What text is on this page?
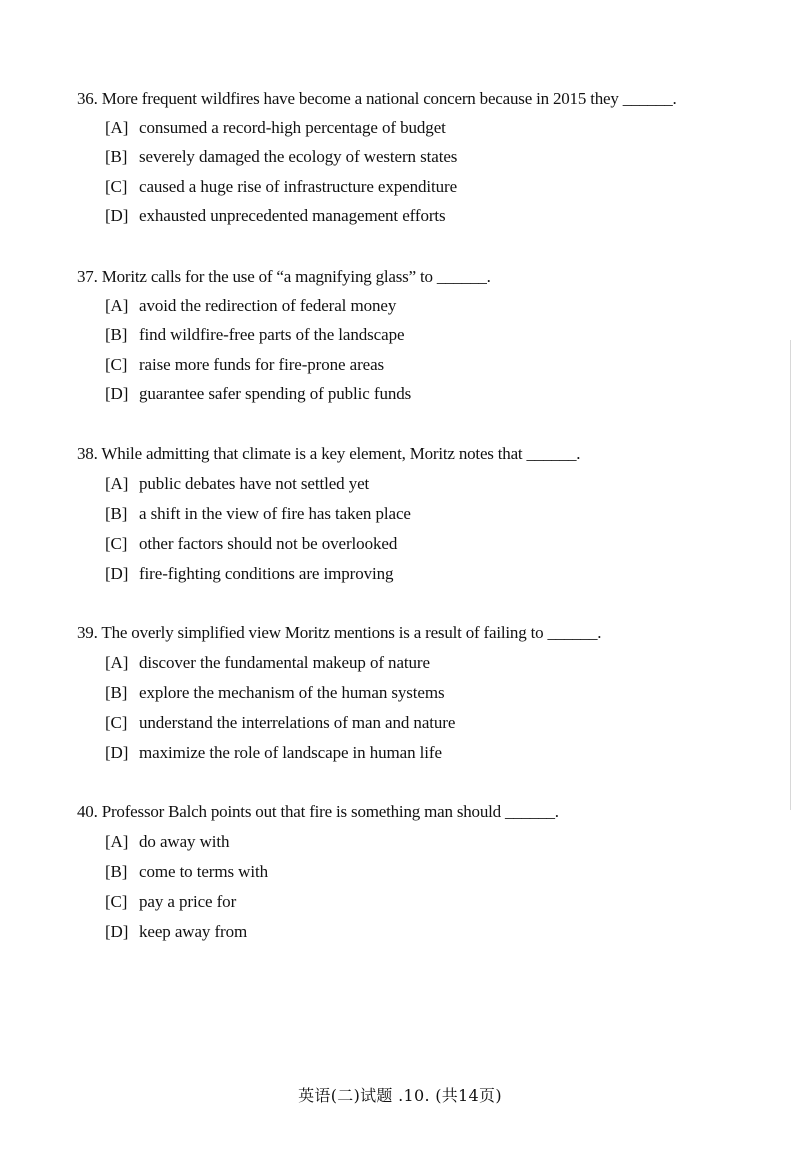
36. More frequent wildfires have become a national concern because in 2015 they ______.
[A] consumed a record-high percentage of budget
[B] severely damaged the ecology of western states
[C] caused a huge rise of infrastructure expenditure
[D] exhausted unprecedented management efforts
37. Moritz calls for the use of “a magnifying glass” to ______.
[A] avoid the redirection of federal money
[B] find wildfire-free parts of the landscape
[C] raise more funds for fire-prone areas
[D] guarantee safer spending of public funds
38. While admitting that climate is a key element, Moritz notes that ______.
[A] public debates have not settled yet
[B] a shift in the view of fire has taken place
[C] other factors should not be overlooked
[D] fire-fighting conditions are improving
39. The overly simplified view Moritz mentions is a result of failing to ______.
[A] discover the fundamental makeup of nature
[B] explore the mechanism of the human systems
[C] understand the interrelations of man and nature
[D] maximize the role of landscape in human life
40. Professor Balch points out that fire is something man should ______.
[A] do away with
[B] come to terms with
[C] pay a price for
[D] keep away from
英语(二)试题 .10. (共14页)
